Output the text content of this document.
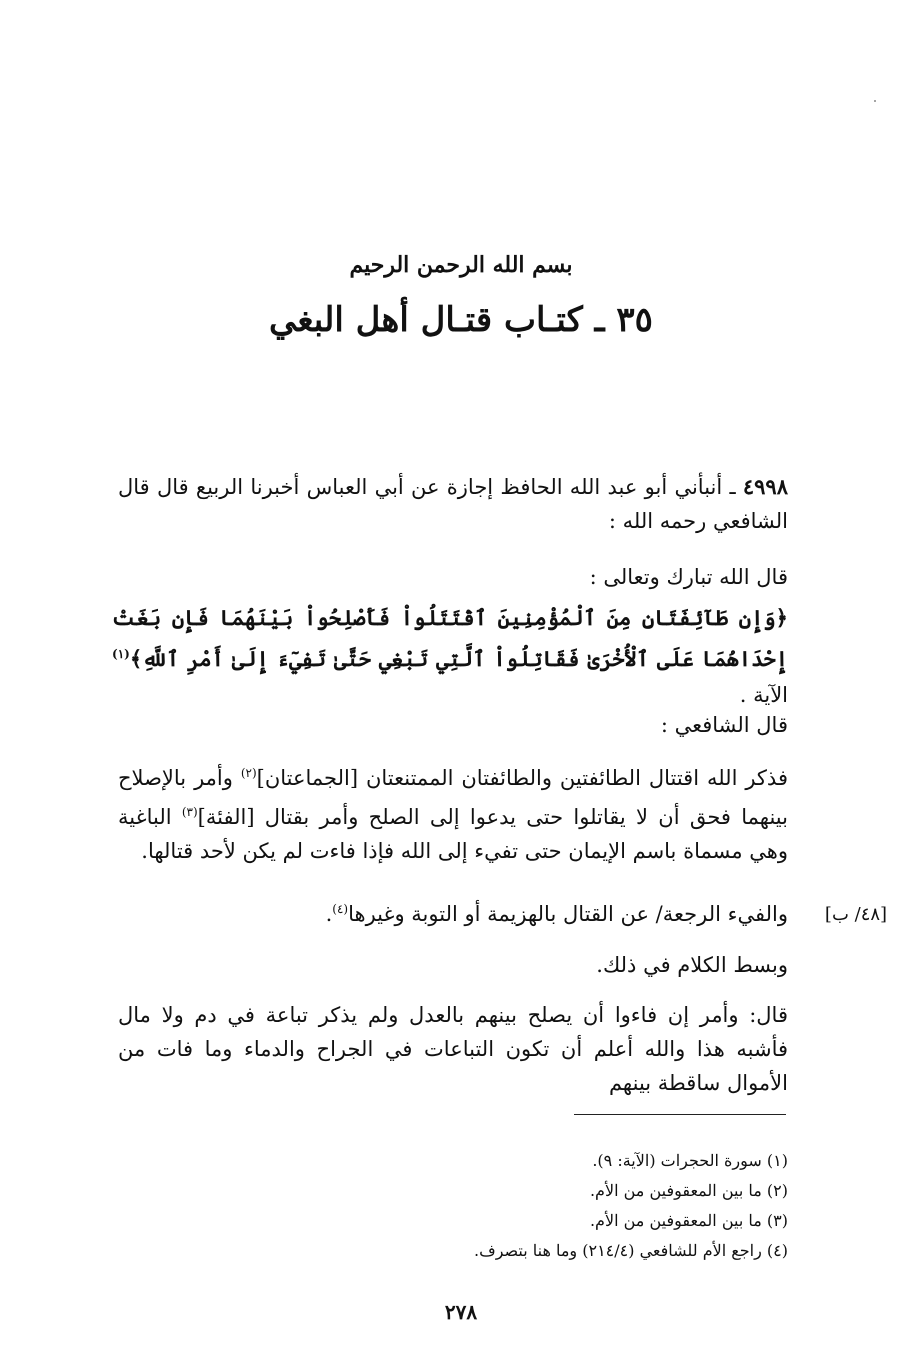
بسم الله الرحمن الرحيم
٣٥ ـ كتـاب قتـال أهل البغي
٤٩٩٨ ـ أنبأني أبو عبد الله الحافظ إجازة عن أبي العباس أخبرنا الربيع قال قال الشافعي رحمه الله :
قال الله تبارك وتعالى :
﴿وَإِن طَآئِفَتَانِ مِنَ ٱلْمُؤْمِنِينَ ٱقْتَتَلُواْ فَأَصْلِحُواْ بَيْنَهُمَا فَإِن بَغَتْ إِحْدَاهُمَا عَلَى ٱلْأُخْرَىٰ فَقَاتِلُواْ ٱلَّتِي تَبْغِي حَتَّىٰ تَفِيٓءَ إِلَىٰ أَمْرِ ٱللَّهِ﴾$^{(١)}$ الآية .
قال الشافعي :
فذكر الله اقتتال الطائفتين والطائفتان الممتنعتان [الجماعتان]$^{(٢)}$ وأمر بالإصلاح بينهما فحق أن لا يقاتلوا حتى يدعوا إلى الصلح وأمر بقتال [الفئة]$^{(٣)}$ الباغية وهي مسماة باسم الإيمان حتى تفيء إلى الله فإذا فاءت لم يكن لأحد قتالها.
[٤٨/ ب]
والفيء الرجعة/ عن القتال بالهزيمة أو التوبة وغيرها$^{(٤)}$.
وبسط الكلام في ذلك.
قال: وأمر إن فاءوا أن يصلح بينهم بالعدل ولم يذكر تباعة في دم ولا مال فأشبه هذا والله أعلم أن تكون التباعات في الجراح والدماء وما فات من الأموال ساقطة بينهم
(١) سورة الحجرات (الآية: ٩).
(٢) ما بين المعقوفين من الأم.
(٣) ما بين المعقوفين من الأم.
(٤) راجع الأم للشافعي (٢١٤/٤) وما هنا بتصرف.
٢٧٨
